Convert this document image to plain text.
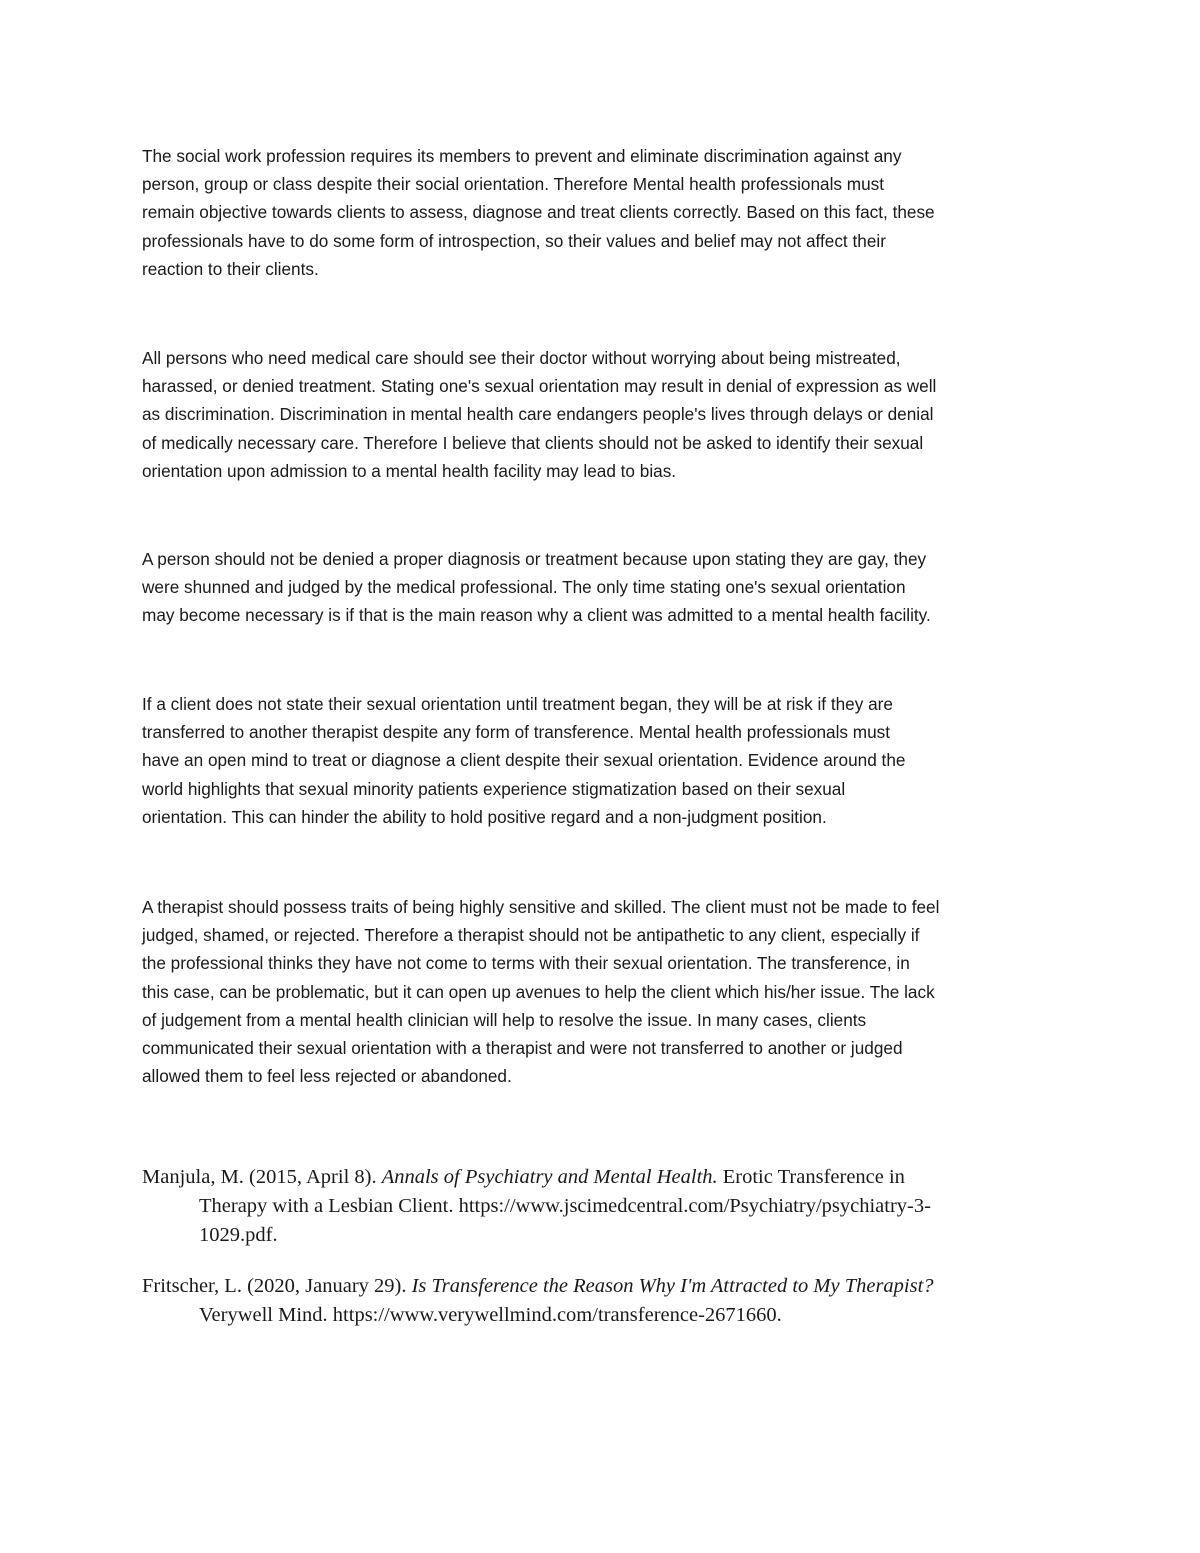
The social work profession requires its members to prevent and eliminate discrimination against any
person, group or class despite their social orientation. Therefore Mental health professionals must
remain objective towards clients to assess, diagnose and treat clients correctly. Based on this fact, these
professionals have to do some form of introspection, so their values and belief may not affect their
reaction to their clients.

All persons who need medical care should see their doctor without worrying about being mistreated,
harassed, or denied treatment. Stating one's sexual orientation may result in denial of expression as well
as discrimination. Discrimination in mental health care endangers people's lives through delays or denial
of medically necessary care. Therefore I believe that clients should not be asked to identify their sexual
orientation upon admission to a mental health facility may lead to bias.

A person should not be denied a proper diagnosis or treatment because upon stating they are gay, they
were shunned and judged by the medical professional. The only time stating one's sexual orientation
may become necessary is if that is the main reason why a client was admitted to a mental health facility.

If a client does not state their sexual orientation until treatment began, they will be at risk if they are
transferred to another therapist despite any form of transference. Mental health professionals must
have an open mind to treat or diagnose a client despite their sexual orientation. Evidence around the
world highlights that sexual minority patients experience stigmatization based on their sexual
orientation. This can hinder the ability to hold positive regard and a non-judgment position.

A therapist should possess traits of being highly sensitive and skilled. The client must not be made to feel
judged, shamed, or rejected. Therefore a therapist should not be antipathetic to any client, especially if
the professional thinks they have not come to terms with their sexual orientation. The transference, in
this case, can be problematic, but it can open up avenues to help the client which his/her issue. The lack
of judgement from a mental health clinician will help to resolve the issue. In many cases, clients
communicated their sexual orientation with a therapist and were not transferred to another or judged
allowed them to feel less rejected or abandoned.

Manjula, M. (2015, April 8). Annals of Psychiatry and Mental Health. Erotic Transference in
Therapy with a Lesbian Client. https://www.jscimedcentral.com/Psychiatry/psychiatry-3-
1029.pdf.
Fritscher, L. (2020, January 29). Is Transference the Reason Why I'm Attracted to My Therapist?
Verywell Mind. https://www.verywellmind.com/transference-2671660.
